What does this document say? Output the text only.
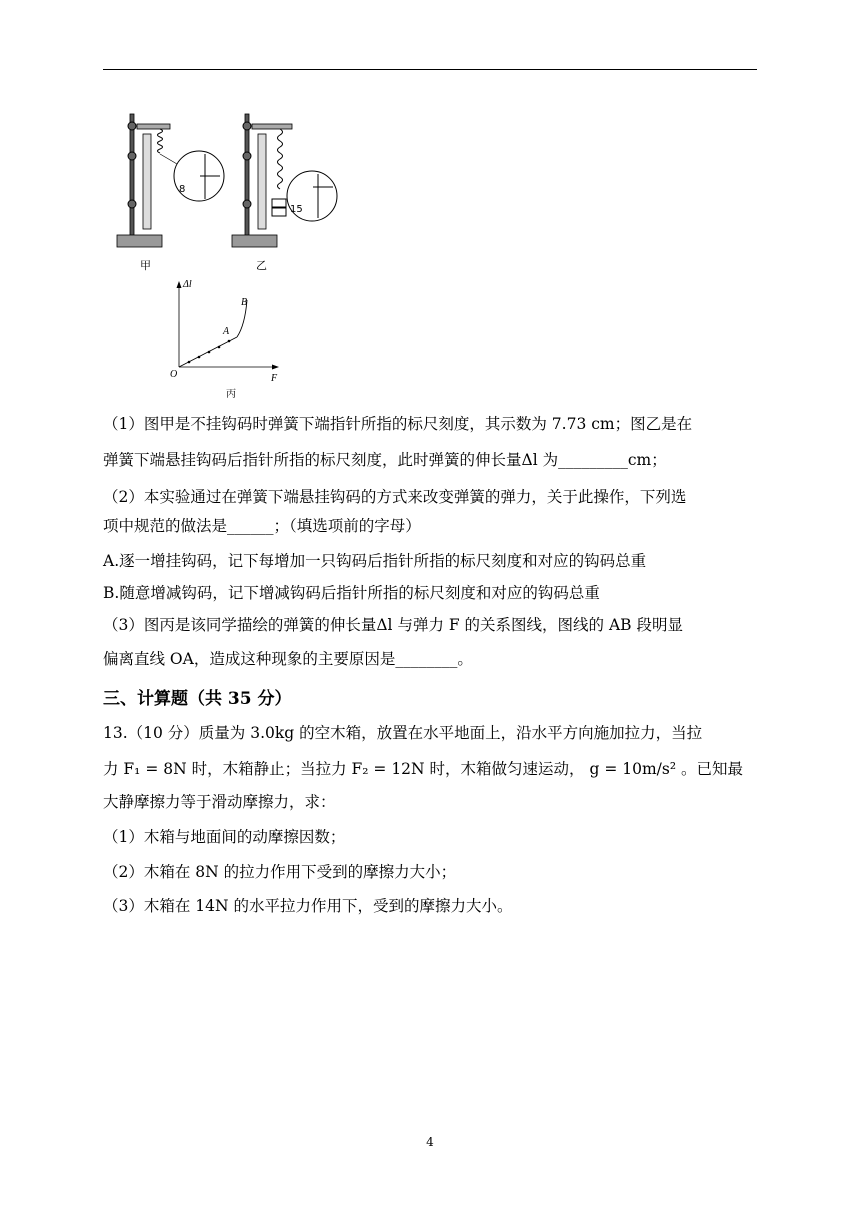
8
15
甲	乙
Δl
F
O
A
B
丙
（1）图甲是不挂钩码时弹簧下端指针所指的标尺刻度，其示数为 7.73 cm；图乙是在
弹簧下端悬挂钩码后指针所指的标尺刻度，此时弹簧的伸长量Δl 为_________cm；
（2）本实验通过在弹簧下端悬挂钩码的方式来改变弹簧的弹力，关于此操作，下列选
项中规范的做法是______；（填选项前的字母）
A.逐一增挂钩码，记下每增加一只钩码后指针所指的标尺刻度和对应的钩码总重
B.随意增减钩码，记下增减钩码后指针所指的标尺刻度和对应的钩码总重
（3）图丙是该同学描绘的弹簧的伸长量Δl 与弹力 F 的关系图线，图线的 AB 段明显
偏离直线 OA，造成这种现象的主要原因是________。
三、计算题（共 35 分）
13.（10 分）质量为 3.0kg 的空木箱，放置在水平地面上，沿水平方向施加拉力，当拉
力 F₁ = 8N 时，木箱静止；当拉力 F₂ = 12N 时，木箱做匀速运动， g = 10m/s² 。已知最
大静摩擦力等于滑动摩擦力，求：
（1）木箱与地面间的动摩擦因数；
（2）木箱在 8N 的拉力作用下受到的摩擦力大小；
（3）木箱在 14N 的水平拉力作用下，受到的摩擦力大小。
4
